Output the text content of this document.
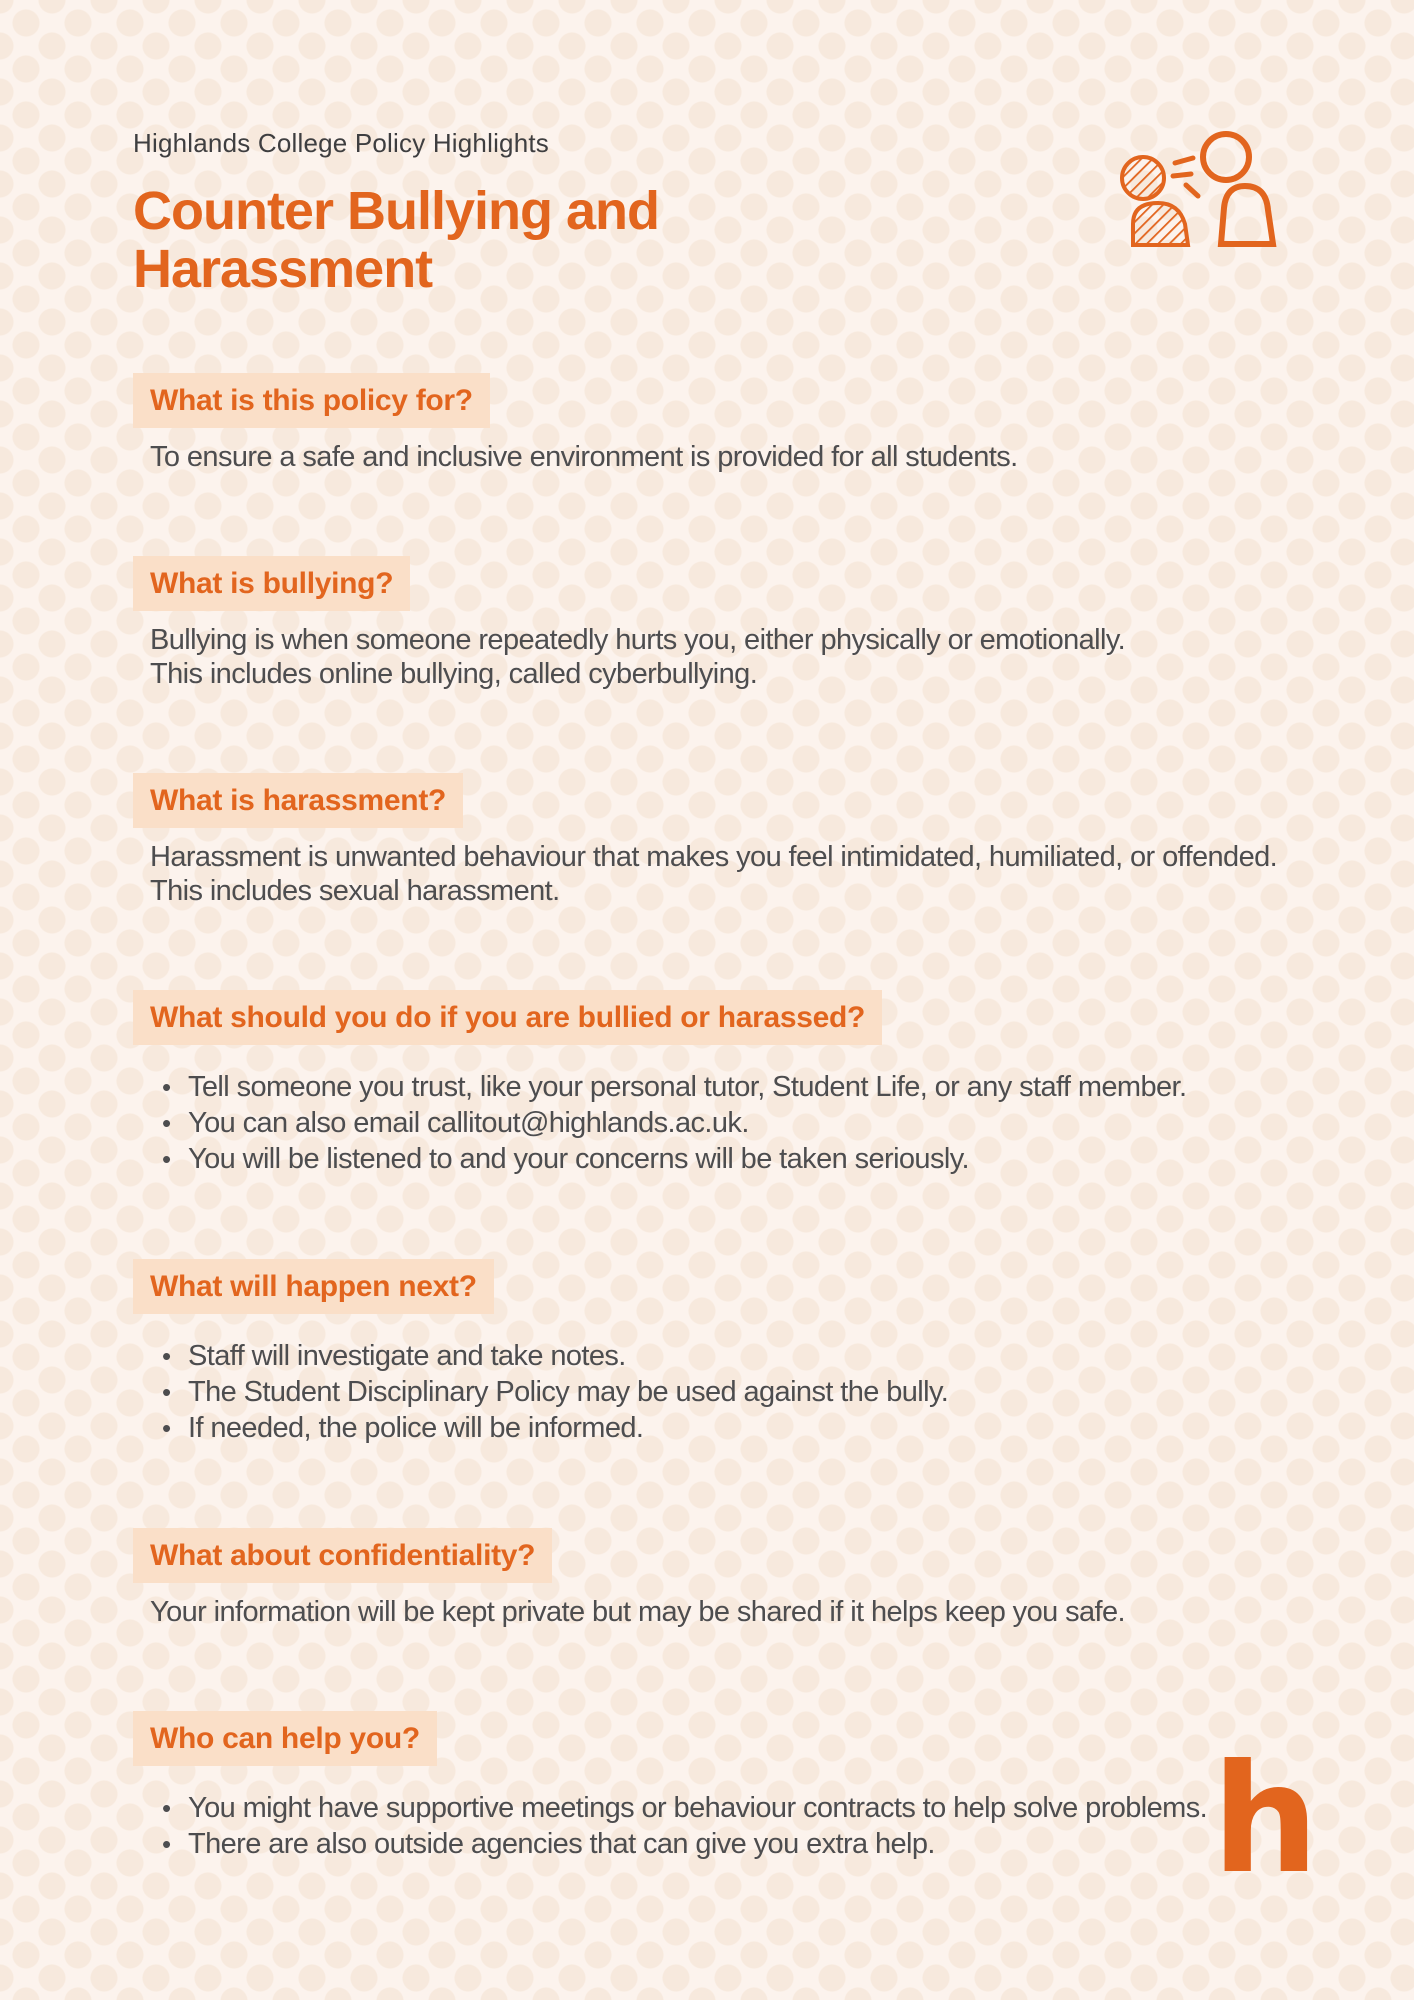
Highlands College Policy Highlights
Counter Bullying and Harassment
What is this policy for?

To ensure a safe and inclusive environment is provided for all students.

What is bullying?

Bullying is when someone repeatedly hurts you, either physically or emotionally.

This includes online bullying, called cyberbullying.

What is harassment?

Harassment is unwanted behaviour that makes you feel intimidated, humiliated, or offended.

This includes sexual harassment.

What should you do if you are bullied or harassed?
• Tell someone you trust, like your personal tutor, Student Life, or any staff member.
• You can also email callitout@highlands.ac.uk.
• You will be listened to and your concerns will be taken seriously.
What will happen next?
• Staff will investigate and take notes.
• The Student Disciplinary Policy may be used against the bully.
• If needed, the police will be informed.
What about confidentiality?

Your information will be kept private but may be shared if it helps keep you safe.

Who can help you?
• You might have supportive meetings or behaviour contracts to help solve problems.
• There are also outside agencies that can give you extra help.	h
